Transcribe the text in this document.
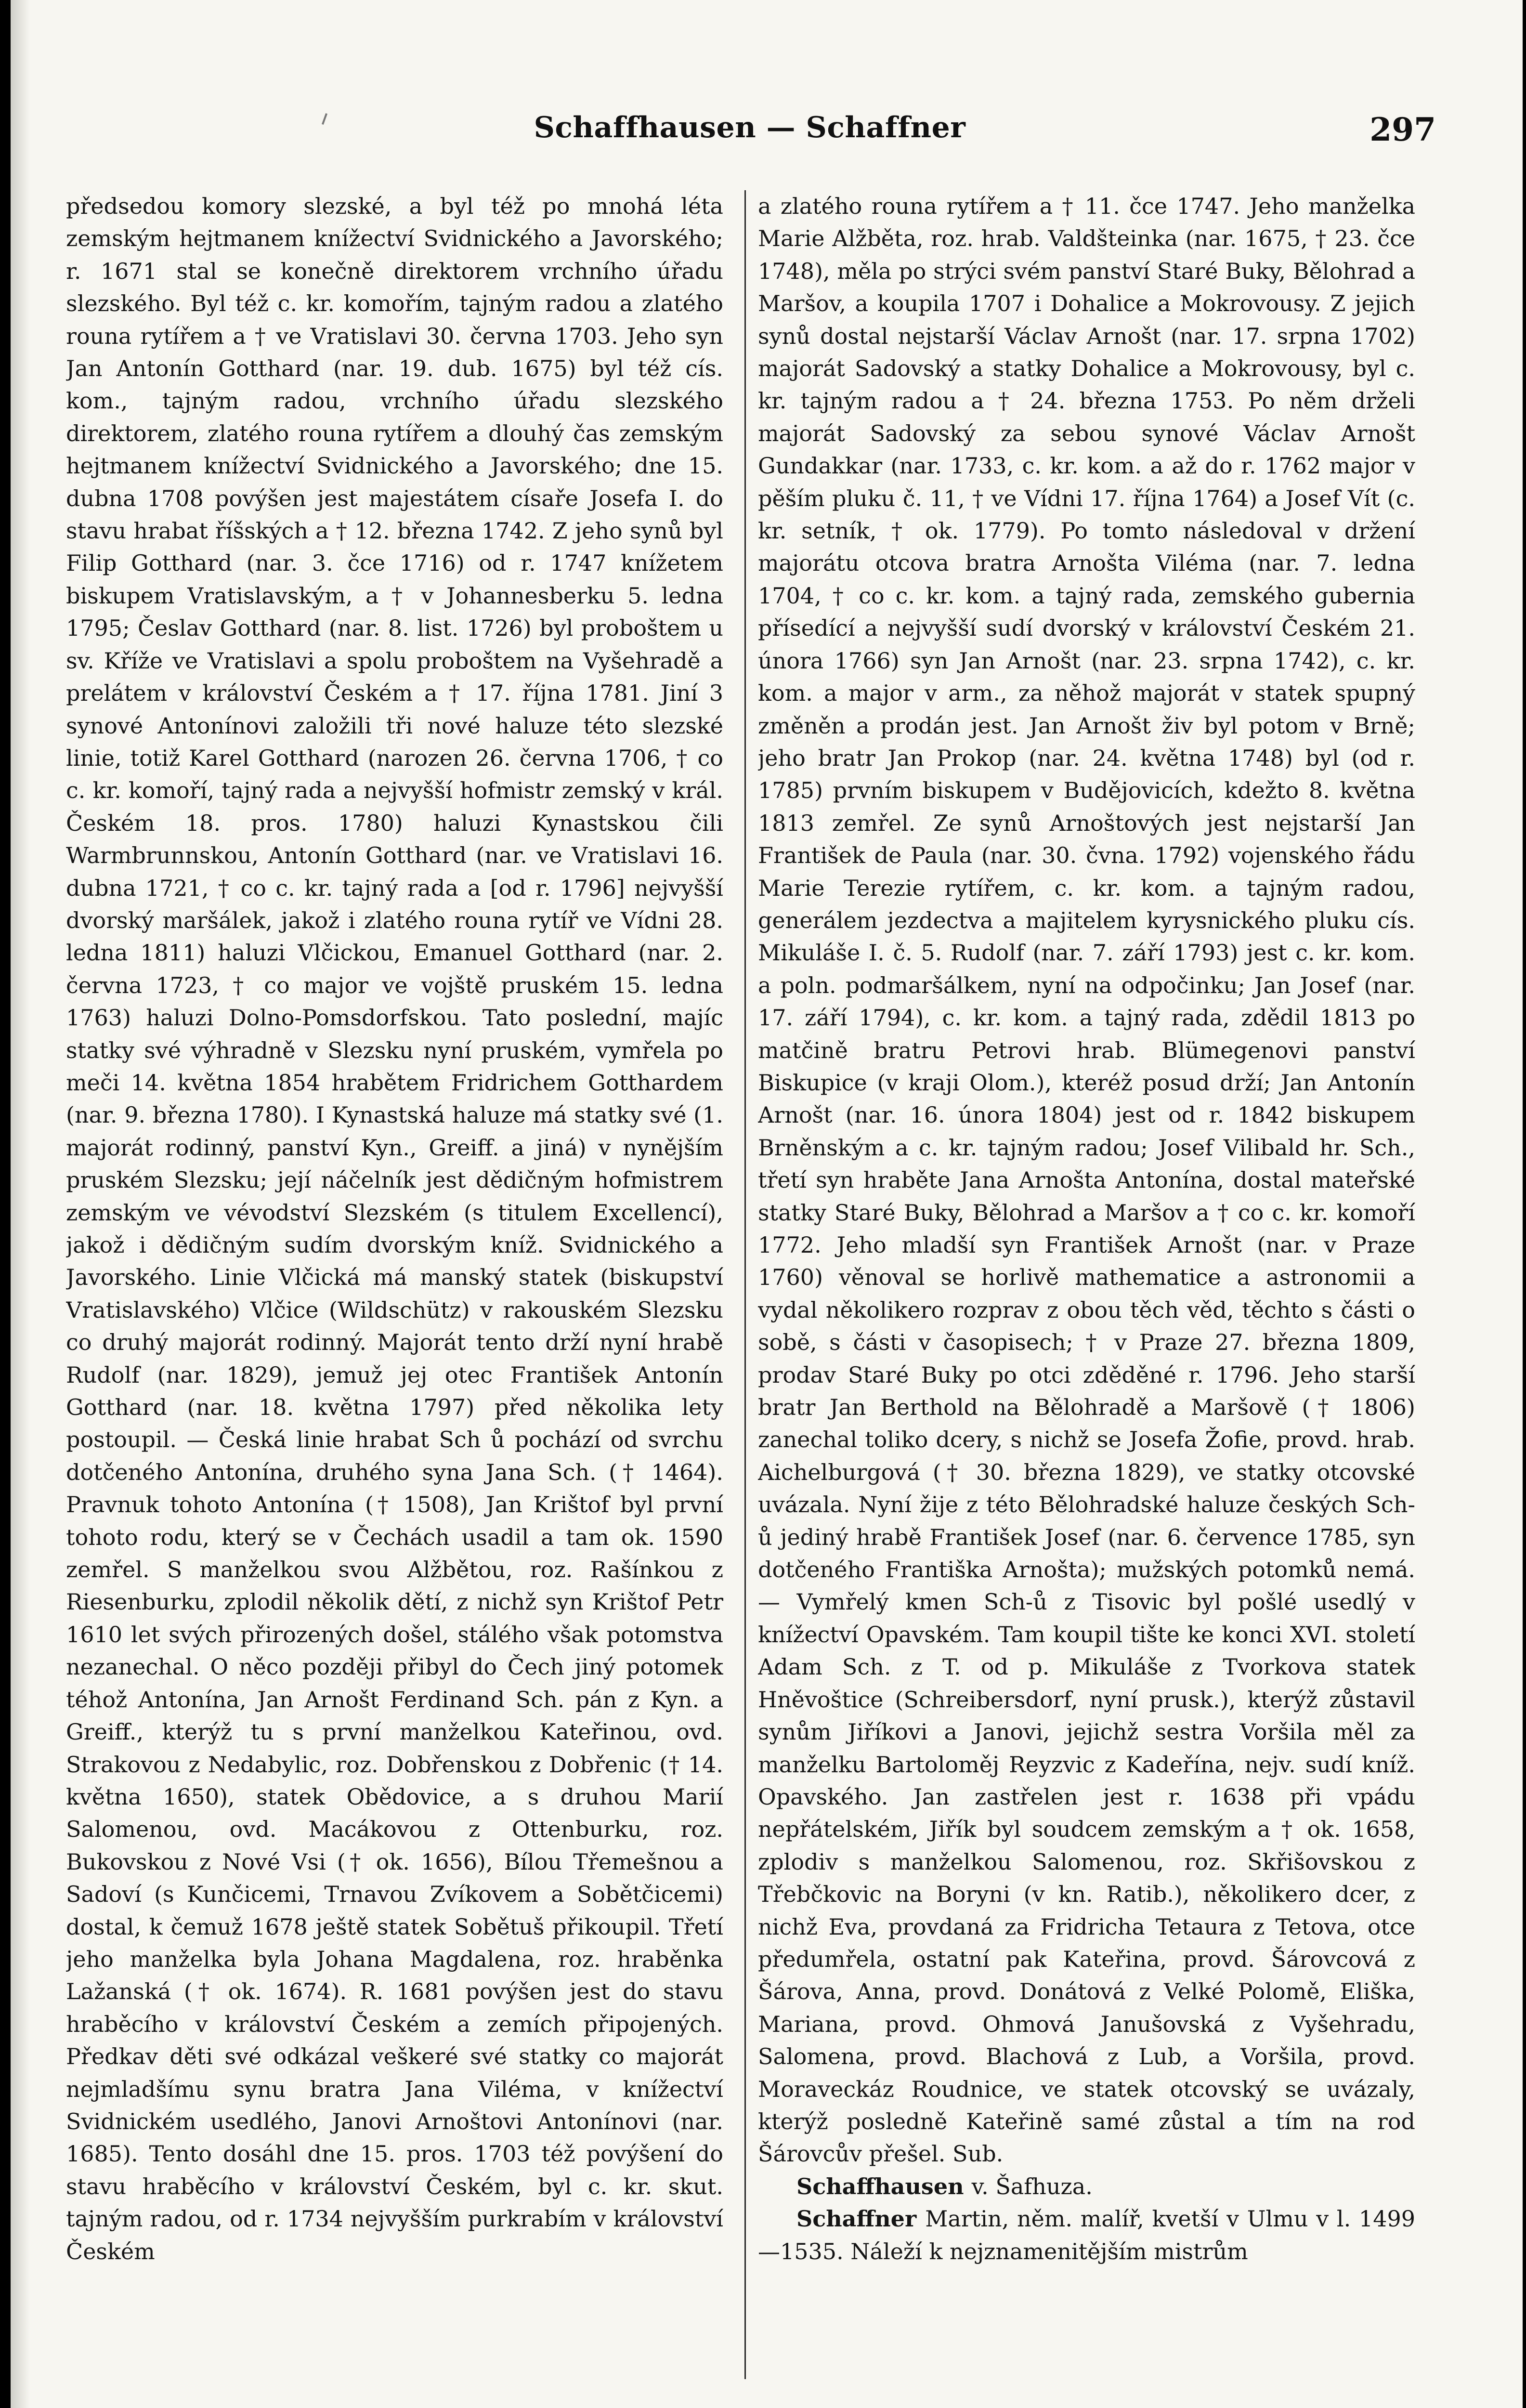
Schaffhausen — Schaffner	297

předsedou komory slezské, a byl též po mnohá léta zemským hejtmanem knížectví Svidnického a Javorského; r. 1671 stal se konečně direktorem vrchního úřadu slezského. Byl též c. kr. komořím, tajným radou a zlatého rouna rytířem a † ve Vratislavi 30. června 1703. Jeho syn Jan Antonín Gotthard (nar. 19. dub. 1675) byl též cís. kom., tajným radou, vrchního úřadu slezského direktorem, zlatého rouna rytířem a dlouhý čas zemským hejtmanem knížectví Svidnického a Javorského; dne 15. dubna 1708 povýšen jest majestátem císaře Josefa I. do stavu hrabat říšských a † 12. března 1742. Z jeho synů byl Filip Gotthard (nar. 3. čce 1716) od r. 1747 knížetem biskupem Vratislavským, a † v Johannesberku 5. ledna 1795; Česlav Gotthard (nar. 8. list. 1726) byl proboštem u sv. Kříže ve Vratislavi a spolu proboštem na Vyšehradě a prelátem v království Českém a † 17. října 1781. Jiní 3 synové Antonínovi založili tři nové haluze této slezské linie, totiž Karel Gotthard (narozen 26. června 1706, † co c. kr. komoří, tajný rada a nejvyšší hofmistr zemský v král. Českém 18. pros. 1780) haluzi Kynastskou čili Warmbrunnskou, Antonín Gotthard (nar. ve Vratislavi 16. dubna 1721, † co c. kr. tajný rada a [od r. 1796] nejvyšší dvorský maršálek, jakož i zlatého rouna rytíř ve Vídni 28. ledna 1811) haluzi Vlčickou, Emanuel Gotthard (nar. 2. června 1723, † co major ve vojště pruském 15. ledna 1763) haluzi Dolno-Pomsdorfskou. Tato poslední, majíc statky své výhradně v Slezsku nyní pruském, vymřela po meči 14. května 1854 hrabětem Fridrichem Gotthardem (nar. 9. března 1780). I Kynastská haluze má statky své (1. majorát rodinný, panství Kyn., Greiff. a jiná) v nynějším pruském Slezsku; její náčelník jest dědičným hofmistrem zemským ve vévodství Slezském (s titulem Excellencí), jakož i dědičným sudím dvorským kníž. Svidnického a Javorského. Linie Vlčická má manský statek (biskupství Vratislavského) Vlčice (Wildschütz) v rakouském Slezsku co druhý majorát rodinný. Majorát tento drží nyní hrabě Rudolf (nar. 1829), jemuž jej otec František Antonín Gotthard (nar. 18. května 1797) před několika lety postoupil. — Česká linie hrabat Sch ů pochází od svrchu dotčeného Antonína, druhého syna Jana Sch. († 1464). Pravnuk tohoto Antonína († 1508), Jan Krištof byl první tohoto rodu, který se v Čechách usadil a tam ok. 1590 zemřel. S manželkou svou Alžbětou, roz. Rašínkou z Riesenburku, zplodil několik dětí, z nichž syn Krištof Petr 1610 let svých přirozených došel, stálého však potomstva nezanechal. O něco později přibyl do Čech jiný potomek téhož Antonína, Jan Arnošt Ferdinand Sch. pán z Kyn. a Greiff., kterýž tu s první manželkou Kateřinou, ovd. Strakovou z Nedabylic, roz. Dobřenskou z Dobřenic († 14. května 1650), statek Obědovice, a s druhou Marií Salomenou, ovd. Macákovou z Ottenburku, roz. Bukovskou z Nové Vsi († ok. 1656), Bílou Třemešnou a Sadoví (s Kunčicemi, Trnavou Zvíkovem a Sobětčicemi) dostal, k čemuž 1678 ještě statek Sobětuš přikoupil. Třetí jeho manželka byla Johana Magdalena, roz. hraběnka Lažanská († ok. 1674). R. 1681 povýšen jest do stavu hraběcího v království Českém a zemích připojených. Předkav děti své odkázal veškeré své statky co majorát nejmladšímu synu bratra Jana Viléma, v knížectví Svidnickém usedlého, Janovi Arnoštovi Antonínovi (nar. 1685). Tento dosáhl dne 15. pros. 1703 též povýšení do stavu hraběcího v království Českém, byl c. kr. skut. tajným radou, od r. 1734 nejvyšším purkrabím v království Českém

a zlatého rouna rytířem a † 11. čce 1747. Jeho manželka Marie Alžběta, roz. hrab. Valdšteinka (nar. 1675, † 23. čce 1748), měla po strýci svém panství Staré Buky, Bělohrad a Maršov, a koupila 1707 i Dohalice a Mokrovousy. Z jejich synů dostal nejstarší Václav Arnošt (nar. 17. srpna 1702) majorát Sadovský a statky Dohalice a Mokrovousy, byl c. kr. tajným radou a † 24. března 1753. Po něm drželi majorát Sadovský za sebou synové Václav Arnošt Gundakkar (nar. 1733, c. kr. kom. a až do r. 1762 major v pěším pluku č. 11, † ve Vídni 17. října 1764) a Josef Vít (c. kr. setník, † ok. 1779). Po tomto následoval v držení majorátu otcova bratra Arnošta Viléma (nar. 7. ledna 1704, † co c. kr. kom. a tajný rada, zemského gubernia přísedící a nejvyšší sudí dvorský v království Českém 21. února 1766) syn Jan Arnošt (nar. 23. srpna 1742), c. kr. kom. a major v arm., za něhož majorát v statek spupný změněn a prodán jest. Jan Arnošt živ byl potom v Brně; jeho bratr Jan Prokop (nar. 24. května 1748) byl (od r. 1785) prvním biskupem v Budějovicích, kdežto 8. května 1813 zemřel. Ze synů Arnoštových jest nejstarší Jan František de Paula (nar. 30. čvna. 1792) vojenského řádu Marie Terezie rytířem, c. kr. kom. a tajným radou, generálem jezdectva a majitelem kyrysnického pluku cís. Mikuláše I. č. 5. Rudolf (nar. 7. září 1793) jest c. kr. kom. a poln. podmaršálkem, nyní na odpočinku; Jan Josef (nar. 17. září 1794), c. kr. kom. a tajný rada, zdědil 1813 po matčině bratru Petrovi hrab. Blümegenovi panství Biskupice (v kraji Olom.), kteréž posud drží; Jan Antonín Arnošt (nar. 16. února 1804) jest od r. 1842 biskupem Brněnským a c. kr. tajným radou; Josef Vilibald hr. Sch., třetí syn hraběte Jana Arnošta Antonína, dostal mateřské statky Staré Buky, Bělohrad a Maršov a † co c. kr. komoří 1772. Jeho mladší syn František Arnošt (nar. v Praze 1760) věnoval se horlivě mathematice a astronomii a vydal několikero rozprav z obou těch věd, těchto s části o sobě, s části v časopisech; † v Praze 27. března 1809, prodav Staré Buky po otci zděděné r. 1796. Jeho starší bratr Jan Berthold na Bělohradě a Maršově († 1806) zanechal toliko dcery, s nichž se Josefa Žofie, provd. hrab. Aichelburgová († 30. března 1829), ve statky otcovské uvázala. Nyní žije z této Bělohradské haluze českých Sch-ů jediný hrabě František Josef (nar. 6. července 1785, syn dotčeného Františka Arnošta); mužských potomků nemá. — Vymřelý kmen Sch-ů z Tisovic byl pošlé usedlý v knížectví Opavském. Tam koupil tište ke konci XVI. století Adam Sch. z T. od p. Mikuláše z Tvorkova statek Hněvoštice (Schreibersdorf, nyní prusk.), kterýž zůstavil synům Jiříkovi a Janovi, jejichž sestra Voršila měl za manželku Bartoloměj Reyzvic z Kadeřína, nejv. sudí kníž. Opavského. Jan zastřelen jest r. 1638 při vpádu nepřátelském, Jiřík byl soudcem zemským a † ok. 1658, zplodiv s manželkou Salomenou, roz. Skřišovskou z Třebčkovic na Boryni (v kn. Ratib.), několikero dcer, z nichž Eva, provdaná za Fridricha Tetaura z Tetova, otce předumřela, ostatní pak Kateřina, provd. Šárovcová z Šárova, Anna, provd. Donátová z Velké Polomě, Eliška, Mariana, provd. Ohmová Janušovská z Vyšehradu, Salomena, provd. Blachová z Lub, a Voršila, provd. Moraveckáz Roudnice, ve statek otcovský se uvázaly, kterýž posledně Kateřině samé zůstal a tím na rod Šárovcův přešel. Sub.

Schaffhausen v. Šafhuza.

Schaffner Martin, něm. malíř, kvetší v Ulmu v l. 1499—1535. Náleží k nejznamenitějším mistrům
